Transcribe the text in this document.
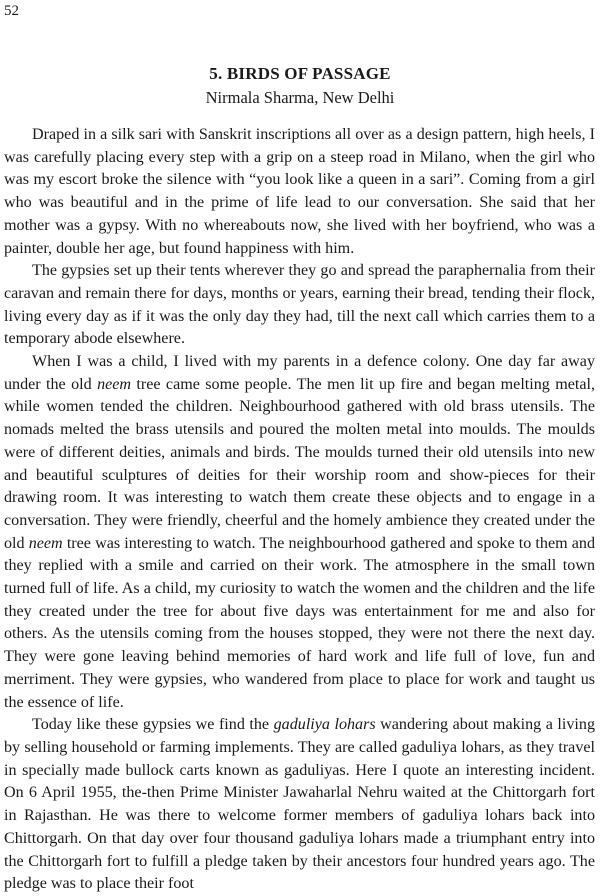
52
5. BIRDS OF PASSAGE
Nirmala Sharma, New Delhi

Draped in a silk sari with Sanskrit inscriptions all over as a design pattern, high heels, I was carefully placing every step with a grip on a steep road in Milano, when the girl who was my escort broke the silence with “you look like a queen in a sari”. Coming from a girl who was beautiful and in the prime of life lead to our conversation. She said that her mother was a gypsy. With no whereabouts now, she lived with her boyfriend, who was a painter, double her age, but found happiness with him.

The gypsies set up their tents wherever they go and spread the paraphernalia from their caravan and remain there for days, months or years, earning their bread, tending their flock, living every day as if it was the only day they had, till the next call which carries them to a temporary abode elsewhere.

When I was a child, I lived with my parents in a defence colony. One day far away under the old neem tree came some people. The men lit up fire and began melting metal, while women tended the children. Neighbourhood gathered with old brass utensils. The nomads melted the brass utensils and poured the molten metal into moulds. The moulds were of different deities, animals and birds. The moulds turned their old utensils into new and beautiful sculptures of deities for their worship room and show-pieces for their drawing room. It was interesting to watch them create these objects and to engage in a conversation. They were friendly, cheerful and the homely ambience they created under the old neem tree was interesting to watch. The neighbourhood gathered and spoke to them and they replied with a smile and carried on their work. The atmosphere in the small town turned full of life. As a child, my curiosity to watch the women and the children and the life they created under the tree for about five days was entertainment for me and also for others. As the utensils coming from the houses stopped, they were not there the next day. They were gone leaving behind memories of hard work and life full of love, fun and merriment. They were gypsies, who wandered from place to place for work and taught us the essence of life.

Today like these gypsies we find the gaduliya lohars wandering about making a living by selling household or farming implements. They are called gaduliya lohars, as they travel in specially made bullock carts known as gaduliyas. Here I quote an interesting incident. On 6 April 1955, the-then Prime Minister Jawaharlal Nehru waited at the Chittorgarh fort in Rajasthan. He was there to welcome former members of gaduliya lohars back into Chittorgarh. On that day over four thousand gaduliya lohars made a triumphant entry into the Chittorgarh fort to fulfill a pledge taken by their ancestors four hundred years ago. The pledge was to place their foot
